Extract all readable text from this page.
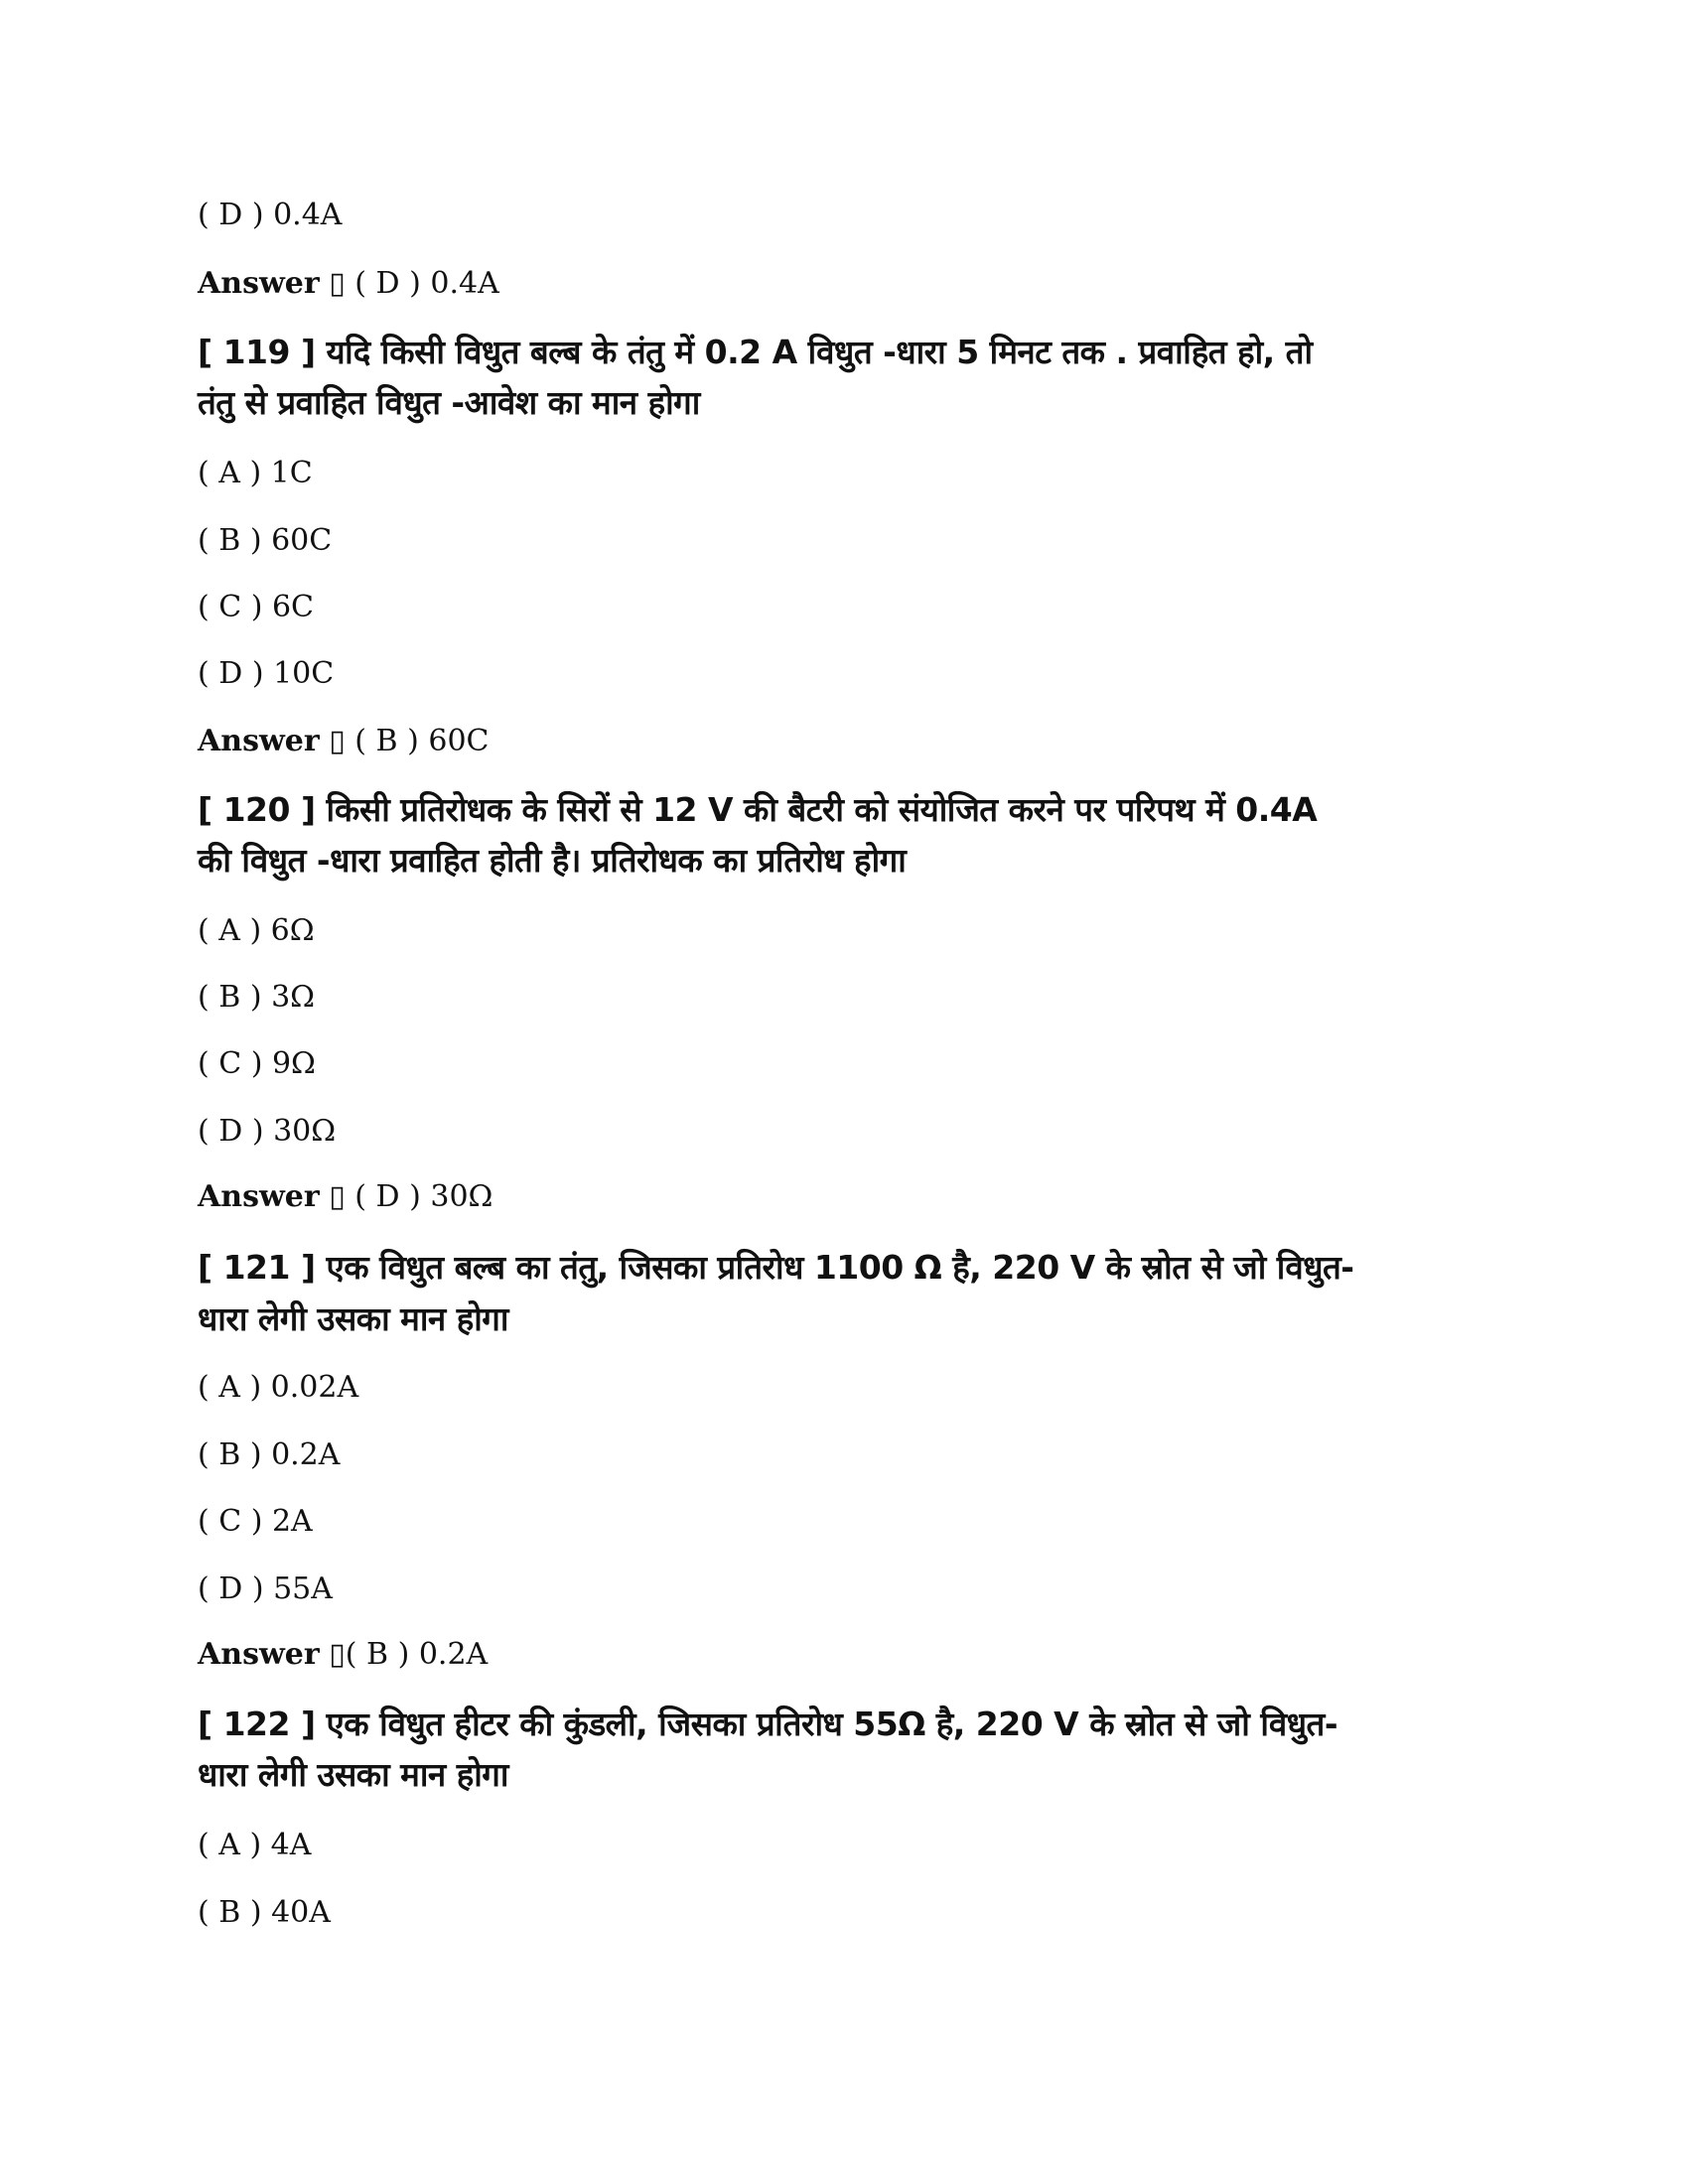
( D ) 0.4A
Answer ▯ ( D ) 0.4A
[ 119 ] यदि किसी विधुत बल्ब के तंतु में 0.2 A विधुत -धारा 5 मिनट तक . प्रवाहित हो, तो
तंतु से प्रवाहित विधुत -आवेश का मान होगा
( A ) 1C
( B ) 60C
( C ) 6C
( D ) 10C
Answer ▯ ( B ) 60C
[ 120 ] किसी प्रतिरोधक के सिरों से 12 V की बैटरी को संयोजित करने पर परिपथ में 0.4A
की विधुत -धारा प्रवाहित होती है। प्रतिरोधक का प्रतिरोध होगा
( A ) 6Ω
( B ) 3Ω
( C ) 9Ω
( D ) 30Ω
Answer ▯ ( D ) 30Ω
[ 121 ] एक विधुत बल्ब का तंतु, जिसका प्रतिरोध 1100 Ω है, 220 V के स्रोत से जो विधुत-
धारा लेगी उसका मान होगा
( A ) 0.02A
( B ) 0.2A
( C ) 2A
( D ) 55A
Answer ▯( B ) 0.2A
[ 122 ] एक विधुत हीटर की कुंडली, जिसका प्रतिरोध 55Ω है, 220 V के स्रोत से जो विधुत-
धारा लेगी उसका मान होगा
( A ) 4A
( B ) 40A
